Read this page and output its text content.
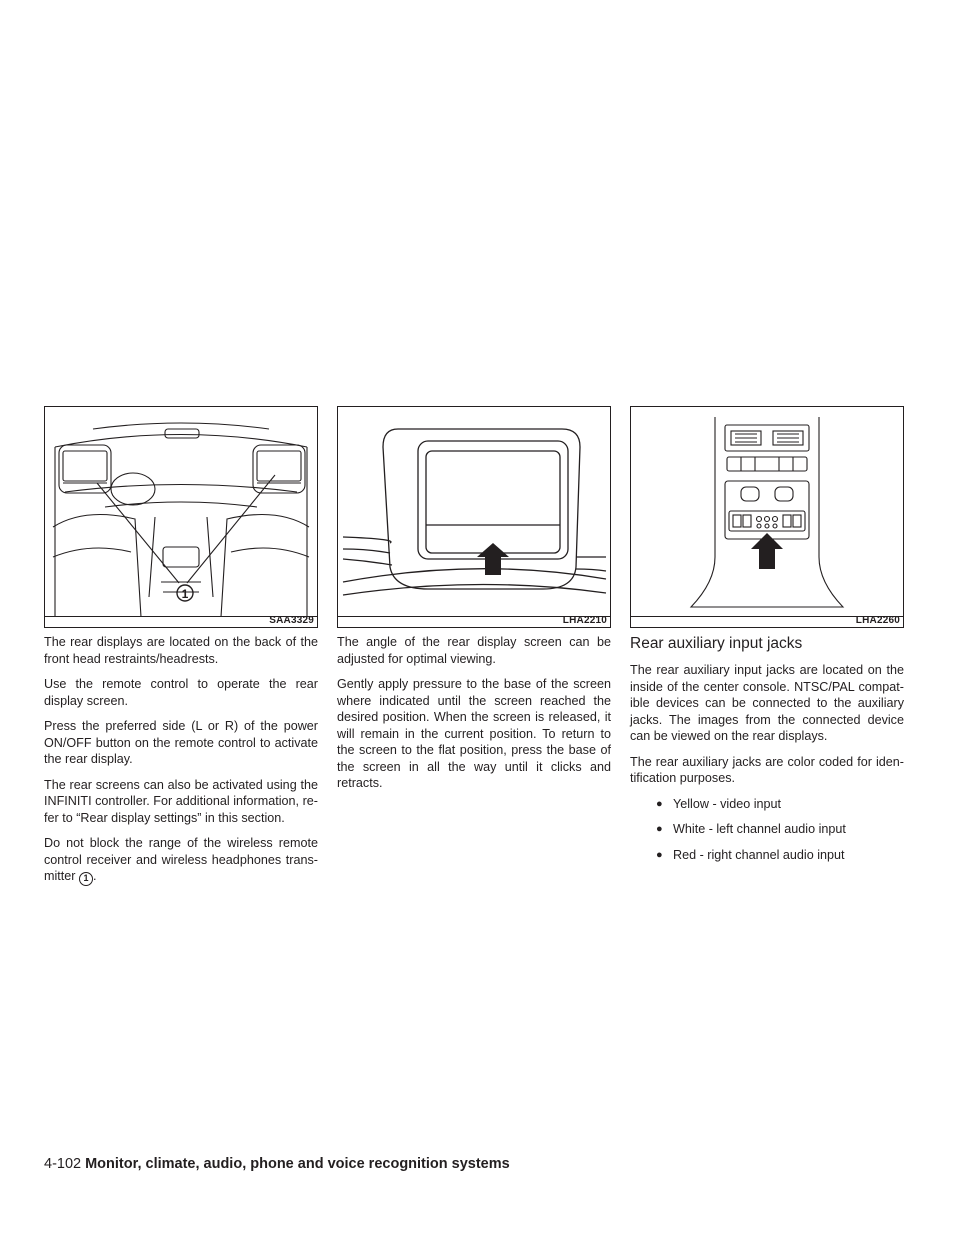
1
SAA3329

The rear displays are located on the back of the front head restraints/headrests.

Use the remote control to operate the rear display screen.

Press the preferred side (L or R) of the power ON/OFF button on the remote control to activate the rear display.

The rear screens can also be activated using the INFINITI controller. For additional information, re-fer to “Rear display settings” in this section.

Do not block the range of the wireless remote control receiver and wireless headphones trans-mitter 1 .

LHA2210

The angle of the rear display screen can be adjusted for optimal viewing.

Gently apply pressure to the base of the screen where indicated until the screen reached the desired position. When the screen is released, it will remain in the current position. To return to the screen to the flat position, press the base of the screen in all the way until it clicks and retracts.

LHA2260
Rear auxiliary input jacks

The rear auxiliary input jacks are located on the inside of the center console. NTSC/PAL compat-ible devices can be connected to the auxiliary jacks. The images from the connected device can be viewed on the rear displays.

The rear auxiliary jacks are color coded for iden-tification purposes.

● Yellow - video input
● White - left channel audio input
● Red - right channel audio input
4-102 Monitor, climate, audio, phone and voice recognition systems
